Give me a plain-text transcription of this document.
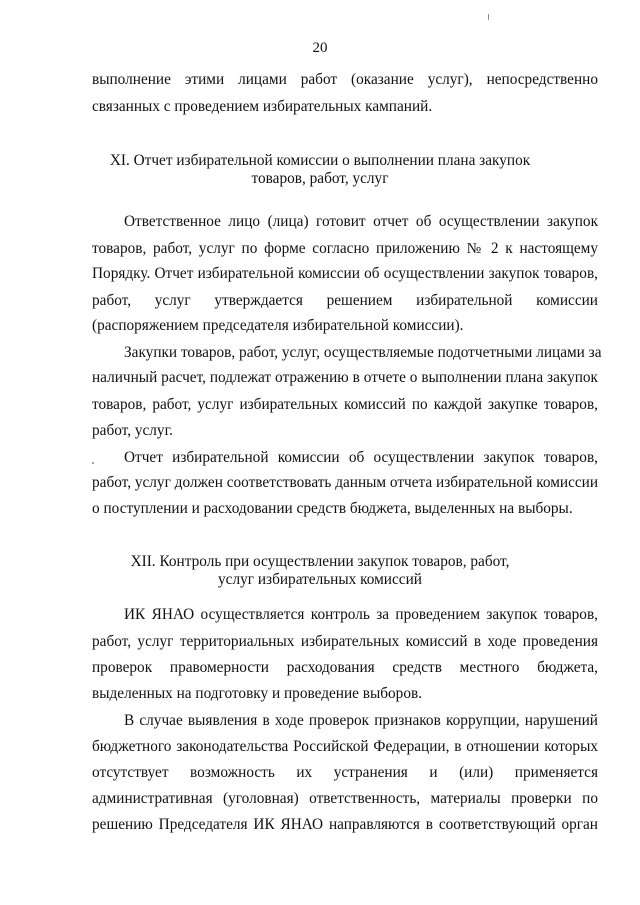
20
выполнение этими лицами работ (оказание услуг), непосредственно
связанных с проведением избирательных кампаний.
XI. Отчет избирательной комиссии о выполнении плана закупок
товаров, работ, услуг
Ответственное лицо (лица) готовит отчет об осуществлении закупок
товаров, работ, услуг по форме согласно приложению № 2 к настоящему
Порядку. Отчет избирательной комиссии об осуществлении закупок товаров,
работ, услуг утверждается решением избирательной комиссии
(распоряжением председателя избирательной комиссии).
Закупки товаров, работ, услуг, осуществляемые подотчетными лицами за
наличный расчет, подлежат отражению в отчете о выполнении плана закупок
товаров, работ, услуг избирательных комиссий по каждой закупке товаров,
работ, услуг.
Отчет избирательной комиссии об осуществлении закупок товаров,
работ, услуг должен соответствовать данным отчета избирательной комиссии
о поступлении и расходовании средств бюджета, выделенных на выборы.
XII. Контроль при осуществлении закупок товаров, работ,
услуг избирательных комиссий
ИК ЯНАО осуществляется контроль за проведением закупок товаров,
работ, услуг территориальных избирательных комиссий в ходе проведения
проверок правомерности расходования средств местного бюджета,
выделенных на подготовку и проведение выборов.
В случае выявления в ходе проверок признаков коррупции, нарушений
бюджетного законодательства Российской Федерации, в отношении которых
отсутствует возможность их устранения и (или) применяется
административная (уголовная) ответственность, материалы проверки по
решению Председателя ИК ЯНАО направляются в соответствующий орган
